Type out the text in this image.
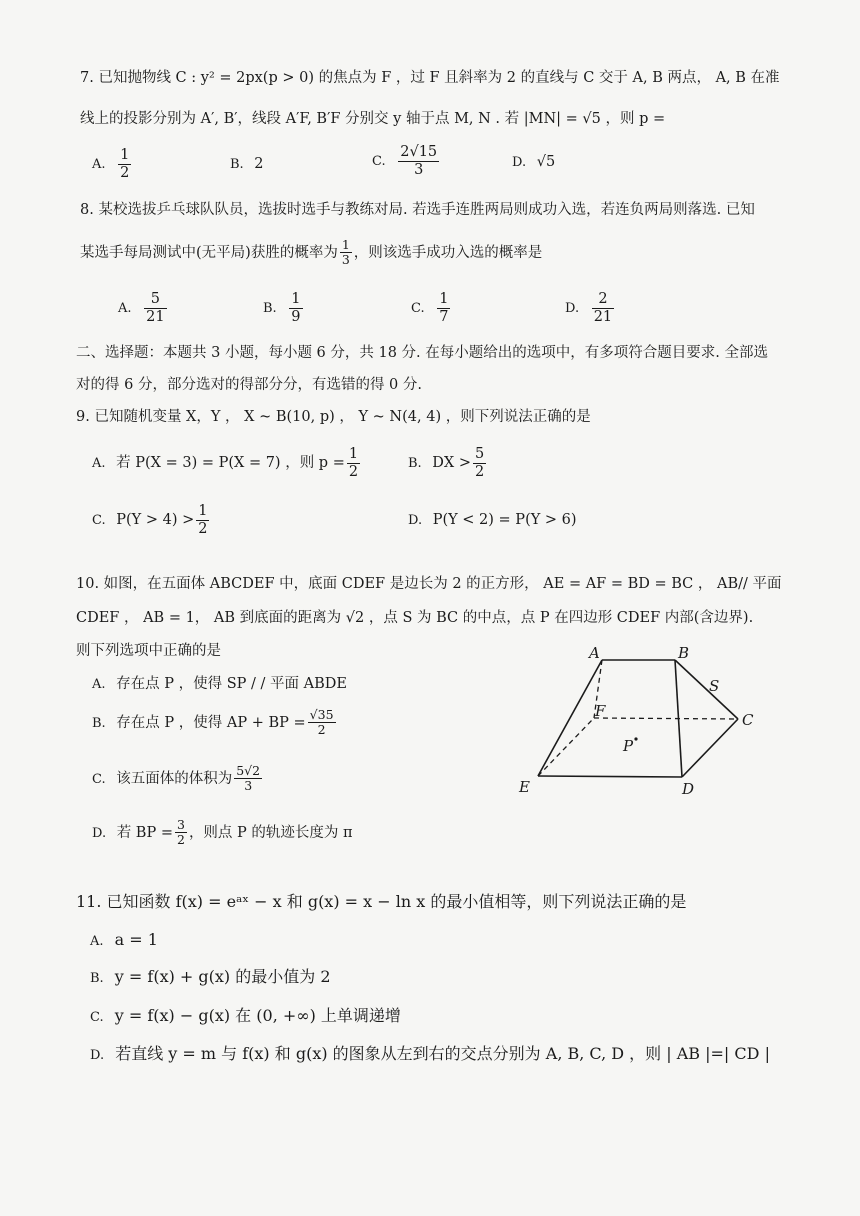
7. 已知抛物线 C : y² = 2px(p > 0) 的焦点为 F ，过 F 且斜率为 2 的直线与 C 交于 A, B 两点， A, B 在准
线上的投影分别为 A′, B′，线段 A′F, B′F 分别交 y 轴于点 M, N . 若 |MN| = √5 ，则 p =
A. $\frac{1}{2}$	B. 2	C. $\frac{2√15}{3}$	D. √5
8. 某校选拔乒乓球队队员，选拔时选手与教练对局. 若选手连胜两局则成功入选，若连负两局则落选. 已知
某选手每局测试中(无平局)获胜的概率为 $\frac{1}{3}$ ，则该选手成功入选的概率是
A. $\frac{5}{21}$	B. $\frac{1}{9}$	C. $\frac{1}{7}$	D. $\frac{2}{21}$
二、选择题：本题共 3 小题，每小题 6 分，共 18 分. 在每小题给出的选项中，有多项符合题目要求. 全部选
对的得 6 分，部分选对的得部分分，有选错的得 0 分.
9. 已知随机变量 X，Y ， X ~ B(10, p) ， Y ~ N(4, 4) ，则下列说法正确的是
A. 若 P(X = 3) = P(X = 7) ，则 $p = \frac{1}{2}$	B. DX > $\frac{5}{2}$
C. $P(Y > 4) > \frac{1}{2}$	D. P(Y < 2) = P(Y > 6)
10. 如图，在五面体 ABCDEF 中，底面 CDEF 是边长为 2 的正方形， AE = AF = BD = BC ， AB// 平面
CDEF ， AB = 1， AB 到底面的距离为 √2 ，点 S 为 BC 的中点，点 P 在四边形 CDEF 内部(含边界).
则下列选项中正确的是
A. 存在点 P ，使得 SP / / 平面 ABDE
B. 存在点 P ，使得 AP + BP = $\frac{√35}{2}$
C. 该五面体的体积为 $\frac{5√2}{3}$
D. 若 BP = $\frac{3}{2}$ ，则点 P 的轨迹长度为 π
A	B
S
F	C
P
E	D
11. 已知函数 f(x) = eᵃˣ − x 和 g(x) = x − ln x 的最小值相等，则下列说法正确的是
A. a = 1
B. y = f(x) + g(x) 的最小值为 2
C. y = f(x) − g(x) 在 (0, +∞) 上单调递增
D. 若直线 y = m 与 f(x) 和 g(x) 的图象从左到右的交点分别为 A, B, C, D ，则 | AB |=| CD |
